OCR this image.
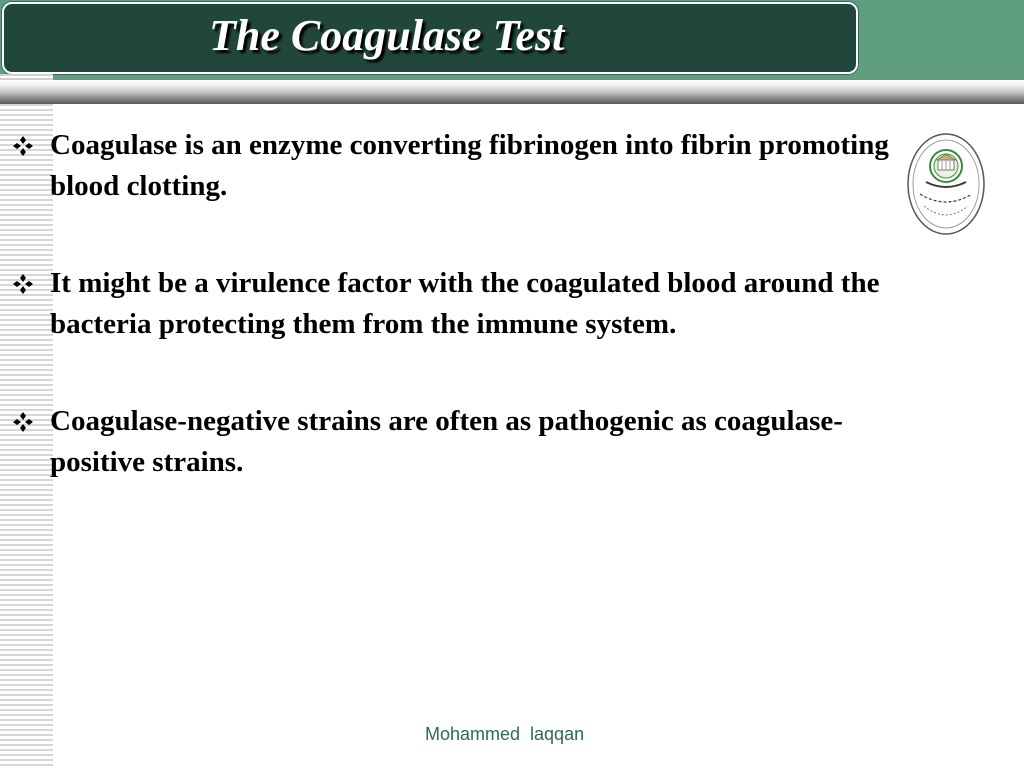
The Coagulase Test
Coagulase is an enzyme converting fibrinogen into fibrin promoting blood clotting.
It might be a virulence factor with the coagulated blood around the bacteria protecting them from the immune system.
Coagulase-negative strains are often as pathogenic as coagulase-positive strains.
Mohammed  laqqan
